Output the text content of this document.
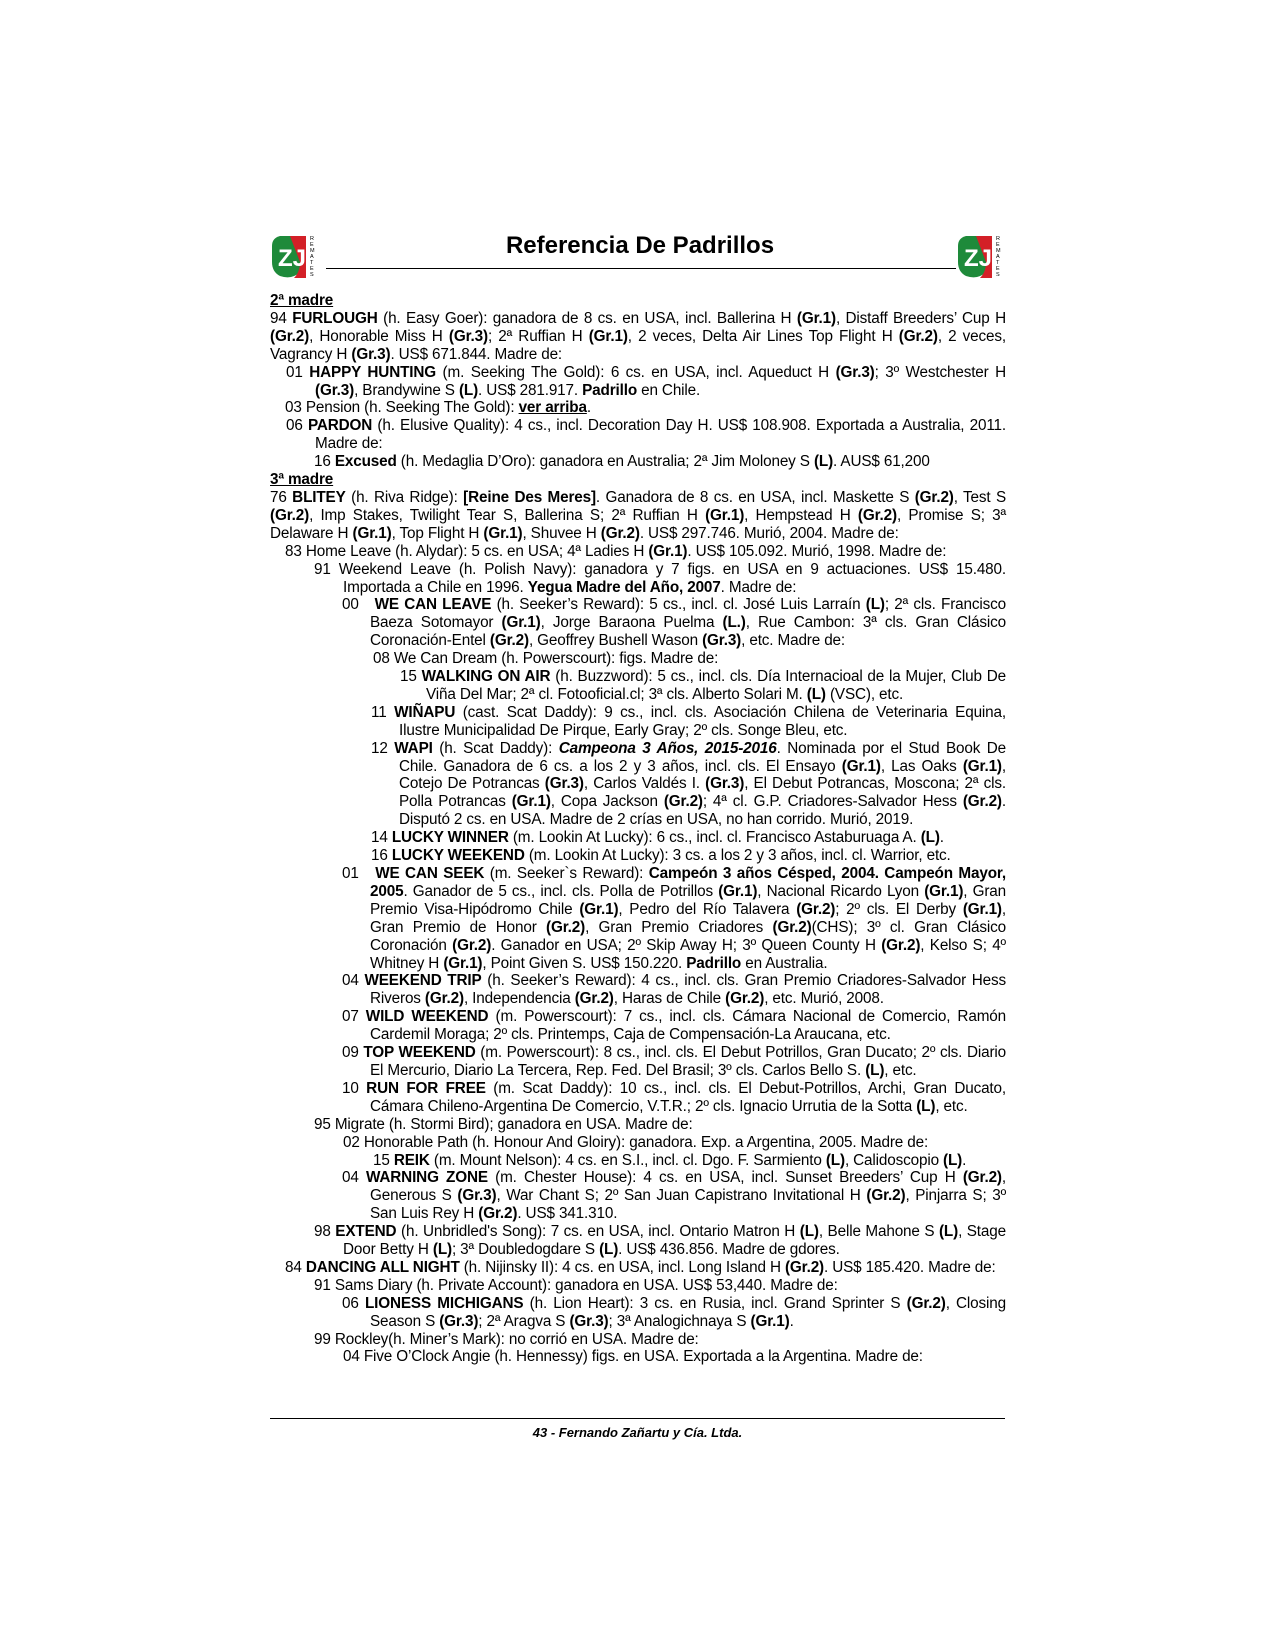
ZJ
R
E
M
A
T
E
S
Referencia De Padrillos	ZJ
R
E
M
A
T
E
S

2ª madre

94 FURLOUGH (h. Easy Goer): ganadora de 8 cs. en USA, incl. Ballerina H (Gr.1), Distaff Breeders’ Cup H (Gr.2), Honorable Miss H (Gr.3); 2ª Ruffian H (Gr.1), 2 veces, Delta Air Lines Top Flight H (Gr.2), 2 veces, Vagrancy H (Gr.3). US$ 671.844. Madre de:

01 HAPPY HUNTING (m. Seeking The Gold): 6 cs. en USA, incl. Aqueduct H (Gr.3); 3º Westchester H (Gr.3), Brandywine S (L). US$ 281.917. Padrillo en Chile.

03 Pension (h. Seeking The Gold): ver arriba.

06 PARDON (h. Elusive Quality): 4 cs., incl. Decoration Day H. US$ 108.908. Exportada a Australia, 2011. Madre de:

16 Excused (h. Medaglia D’Oro): ganadora en Australia; 2ª Jim Moloney S (L). AUS$ 61,200

3ª madre

76 BLITEY (h. Riva Ridge): [Reine Des Meres]. Ganadora de 8 cs. en USA, incl. Maskette S (Gr.2), Test S (Gr.2), Imp Stakes, Twilight Tear S, Ballerina S; 2ª Ruffian H (Gr.1), Hempstead H (Gr.2), Promise S; 3ª Delaware H (Gr.1), Top Flight H (Gr.1), Shuvee H (Gr.2). US$ 297.746. Murió, 2004. Madre de:

83 Home Leave (h. Alydar): 5 cs. en USA; 4ª Ladies H (Gr.1). US$ 105.092. Murió, 1998. Madre de:

91 Weekend Leave (h. Polish Navy): ganadora y 7 figs. en USA en 9 actuaciones. US$ 15.480. Importada a Chile en 1996. Yegua Madre del Año, 2007. Madre de:

00 WE CAN LEAVE (h. Seeker’s Reward): 5 cs., incl. cl. José Luis Larraín (L); 2ª cls. Francisco Baeza Sotomayor (Gr.1), Jorge Baraona Puelma (L.), Rue Cambon: 3ª cls. Gran Clásico Coronación-Entel (Gr.2), Geoffrey Bushell Wason (Gr.3), etc. Madre de:

08 We Can Dream (h. Powerscourt): figs. Madre de:

15 WALKING ON AIR (h. Buzzword): 5 cs., incl. cls. Día Internacioal de la Mujer, Club De Viña Del Mar; 2ª cl. Fotooficial.cl; 3ª cls. Alberto Solari M. (L) (VSC), etc.

11 WIÑAPU (cast. Scat Daddy): 9 cs., incl. cls. Asociación Chilena de Veterinaria Equina, Ilustre Municipalidad De Pirque, Early Gray; 2º cls. Songe Bleu, etc.

12 WAPI (h. Scat Daddy): Campeona 3 Años, 2015-2016. Nominada por el Stud Book De Chile. Ganadora de 6 cs. a los 2 y 3 años, incl. cls. El Ensayo (Gr.1), Las Oaks (Gr.1), Cotejo De Potrancas (Gr.3), Carlos Valdés I. (Gr.3), El Debut Potrancas, Moscona; 2ª cls. Polla Potrancas (Gr.1), Copa Jackson (Gr.2); 4ª cl. G.P. Criadores-Salvador Hess (Gr.2). Disputó 2 cs. en USA. Madre de 2 crías en USA, no han corrido. Murió, 2019.

14 LUCKY WINNER (m. Lookin At Lucky): 6 cs., incl. cl. Francisco Astaburuaga A. (L).

16 LUCKY WEEKEND (m. Lookin At Lucky): 3 cs. a los 2 y 3 años, incl. cl. Warrior, etc.

01 WE CAN SEEK (m. Seeker`s Reward): Campeón 3 años Césped, 2004. Campeón Mayor, 2005. Ganador de 5 cs., incl. cls. Polla de Potrillos (Gr.1), Nacional Ricardo Lyon (Gr.1), Gran Premio Visa-Hipódromo Chile (Gr.1), Pedro del Río Talavera (Gr.2); 2º cls. El Derby (Gr.1), Gran Premio de Honor (Gr.2), Gran Premio Criadores (Gr.2)(CHS); 3º cl. Gran Clásico Coronación (Gr.2). Ganador en USA; 2º Skip Away H; 3º Queen County H (Gr.2), Kelso S; 4º Whitney H (Gr.1), Point Given S. US$ 150.220. Padrillo en Australia.

04 WEEKEND TRIP (h. Seeker’s Reward): 4 cs., incl. cls. Gran Premio Criadores-Salvador Hess Riveros (Gr.2), Independencia (Gr.2), Haras de Chile (Gr.2), etc. Murió, 2008.

07 WILD WEEKEND (m. Powerscourt): 7 cs., incl. cls. Cámara Nacional de Comercio, Ramón Cardemil Moraga; 2º cls. Printemps, Caja de Compensación-La Araucana, etc.

09 TOP WEEKEND (m. Powerscourt): 8 cs., incl. cls. El Debut Potrillos, Gran Ducato; 2º cls. Diario El Mercurio, Diario La Tercera, Rep. Fed. Del Brasil; 3º cls. Carlos Bello S. (L), etc.

10 RUN FOR FREE (m. Scat Daddy): 10 cs., incl. cls. El Debut-Potrillos, Archi, Gran Ducato, Cámara Chileno-Argentina De Comercio, V.T.R.; 2º cls. Ignacio Urrutia de la Sotta (L), etc.

95 Migrate (h. Stormi Bird); ganadora en USA. Madre de:

02 Honorable Path (h. Honour And Gloiry): ganadora. Exp. a Argentina, 2005. Madre de:

15 REIK (m. Mount Nelson): 4 cs. en S.I., incl. cl. Dgo. F. Sarmiento (L), Calidoscopio (L).

04 WARNING ZONE (m. Chester House): 4 cs. en USA, incl. Sunset Breeders’ Cup H (Gr.2), Generous S (Gr.3), War Chant S; 2º San Juan Capistrano Invitational H (Gr.2), Pinjarra S; 3º San Luis Rey H (Gr.2). US$ 341.310.

98 EXTEND (h. Unbridled's Song): 7 cs. en USA, incl. Ontario Matron H (L), Belle Mahone S (L), Stage Door Betty H (L); 3ª Doubledogdare S (L). US$ 436.856. Madre de gdores.

84 DANCING ALL NIGHT (h. Nijinsky II): 4 cs. en USA, incl. Long Island H (Gr.2). US$ 185.420. Madre de:

91 Sams Diary (h. Private Account): ganadora en USA. US$ 53,440. Madre de:

06 LIONESS MICHIGANS (h. Lion Heart): 3 cs. en Rusia, incl. Grand Sprinter S (Gr.2), Closing Season S (Gr.3); 2ª Aragva S (Gr.3); 3ª Analogichnaya S (Gr.1).

99 Rockley(h. Miner’s Mark): no corrió en USA. Madre de:

04 Five O’Clock Angie (h. Hennessy) figs. en USA. Exportada a la Argentina. Madre de:

43 - Fernando Zañartu y Cía. Ltda.
